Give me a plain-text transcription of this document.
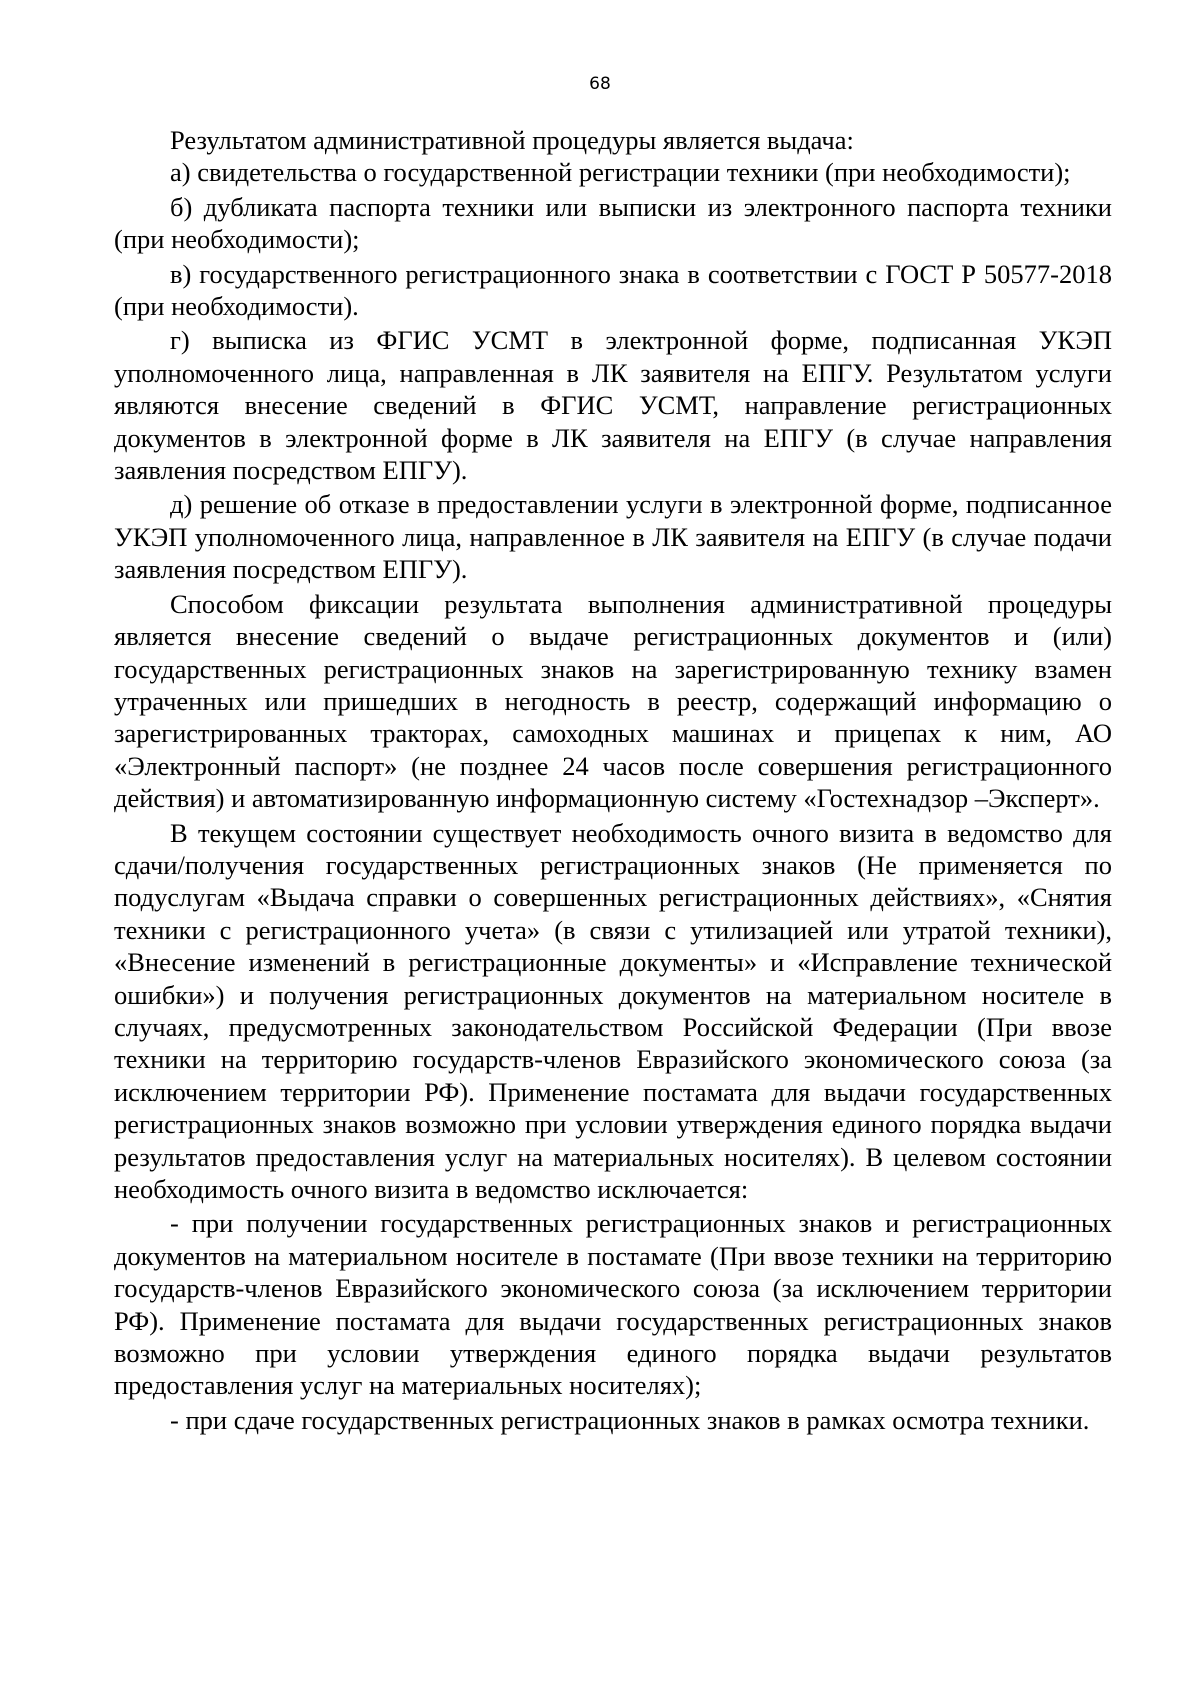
68

Результатом административной процедуры является выдача:

а) свидетельства о государственной регистрации техники (при необходимости);

б) дубликата паспорта техники или выписки из электронного паспорта техники (при необходимости);

в) государственного регистрационного знака в соответствии с ГОСТ Р 50577-2018 (при необходимости).

г) выписка из ФГИС УСМТ в электронной форме, подписанная УКЭП уполномоченного лица, направленная в ЛК заявителя на ЕПГУ. Результатом услуги являются внесение сведений в ФГИС УСМТ, направление регистрационных документов в электронной форме в ЛК заявителя на ЕПГУ (в случае направления заявления посредством ЕПГУ).

д) решение об отказе в предоставлении услуги в электронной форме, подписанное УКЭП уполномоченного лица, направленное в ЛК заявителя на ЕПГУ (в случае подачи заявления посредством ЕПГУ).

Способом фиксации результата выполнения административной процедуры является внесение сведений о выдаче регистрационных документов и (или) государственных регистрационных знаков на зарегистрированную технику взамен утраченных или пришедших в негодность в реестр, содержащий информацию о зарегистрированных тракторах, самоходных машинах и прицепах к ним, АО «Электронный паспорт» (не позднее 24 часов после совершения регистрационного действия) и автоматизированную информационную систему «Гостехнадзор –Эксперт».

В текущем состоянии существует необходимость очного визита в ведомство для сдачи/получения государственных регистрационных знаков (Не применяется по подуслугам «Выдача справки о совершенных регистрационных действиях», «Снятия техники с регистрационного учета» (в связи с утилизацией или утратой техники), «Внесение изменений в регистрационные документы» и «Исправление технической ошибки») и получения регистрационных документов на материальном носителе в случаях, предусмотренных законодательством Российской Федерации (При ввозе техники на территорию государств-членов Евразийского экономического союза (за исключением территории РФ). Применение постамата для выдачи государственных регистрационных знаков возможно при условии утверждения единого порядка выдачи результатов предоставления услуг на материальных носителях). В целевом состоянии необходимость очного визита в ведомство исключается:

- при получении государственных регистрационных знаков и регистрационных документов на материальном носителе в постамате (При ввозе техники на территорию государств-членов Евразийского экономического союза (за исключением территории РФ). Применение постамата для выдачи государственных регистрационных знаков возможно при условии утверждения единого порядка выдачи результатов предоставления услуг на материальных носителях);

- при сдаче государственных регистрационных знаков в рамках осмотра техники.
